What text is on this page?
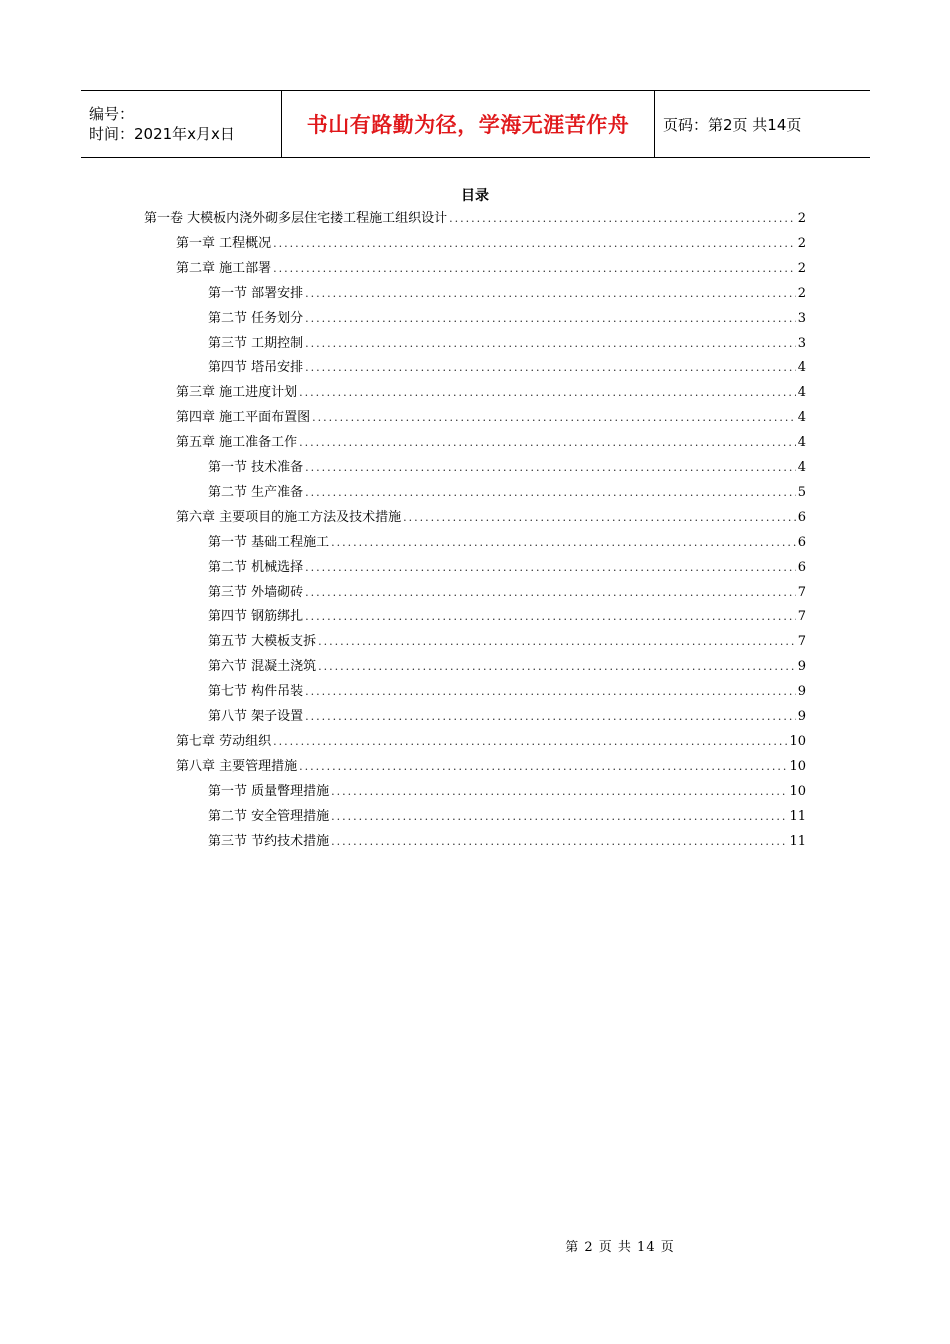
编号：
时间：2021年x月x日	书山有路勤为径，学海无涯苦作舟 页码：第2页 共14页
目录
第一卷 大模板内浇外砌多层住宅搂工程施工组织设计 .....	2
第一章 工程概况 .....	2
第二章 施工部署 .....	2
第一节 部署安排 .....	2
第二节 任务划分 .....	3
第三节 工期控制 .....	3
第四节 塔吊安排 .....	4
第三章 施工进度计划 .....	4
第四章 施工平面布置图 .....	4
第五章 施工准备工作 .....	4
第一节 技术准备 .....	4
第二节 生产准备 .....	5
第六章 主要项目的施工方法及技术措施 .....	6
第一节 基础工程施工 .....	6
第二节 机械选择 .....	6
第三节 外墙砌砖 .....	7
第四节 钢筋绑扎 .....	7
第五节 大模板支拆 .....	7
第六节 混凝土浇筑 .....	9
第七节 构件吊装 .....	9
第八节 架子设置 .....	9
第七章 劳动组织 .....	10
第八章 主要管理措施 .....	10
第一节 质量瞥理措施 .....	10
第二节 安全管理措施 .....	11
第三节 节约技术措施 .....	11
第 2 页 共 14 页
